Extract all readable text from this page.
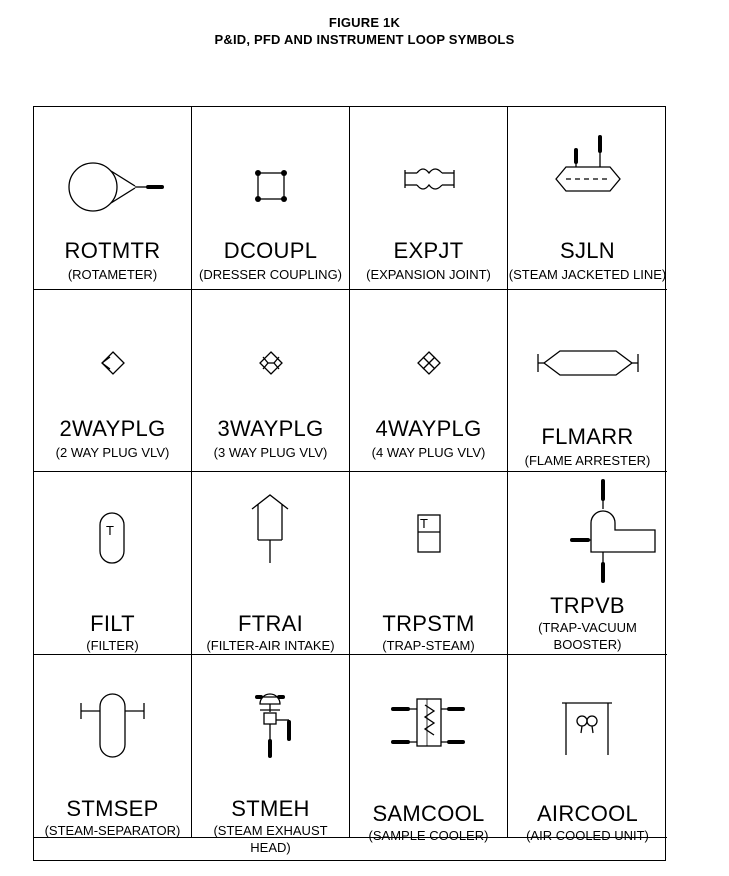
FIGURE 1K
P&ID, PFD AND INSTRUMENT LOOP SYMBOLS
ROTMTR
(ROTAMETER)
DCOUPL
(DRESSER COUPLING)
EXPJT
(EXPANSION JOINT)
SJLN
(STEAM JACKETED LINE)
2WAYPLG
(2 WAY PLUG VLV)
3WAYPLG
(3 WAY PLUG VLV)
4WAYPLG
(4 WAY PLUG VLV)
FLMARR
(FLAME ARRESTER)
T
FILT
(FILTER)
FTRAI
(FILTER-AIR INTAKE)
T
TRPSTM
(TRAP-STEAM)
TRPVB
(TRAP-VACUUM
BOOSTER)
STMSEP
(STEAM-SEPARATOR)
STMEH
(STEAM EXHAUST HEAD)
SAMCOOL
(SAMPLE COOLER)
AIRCOOL
(AIR COOLED UNIT)
